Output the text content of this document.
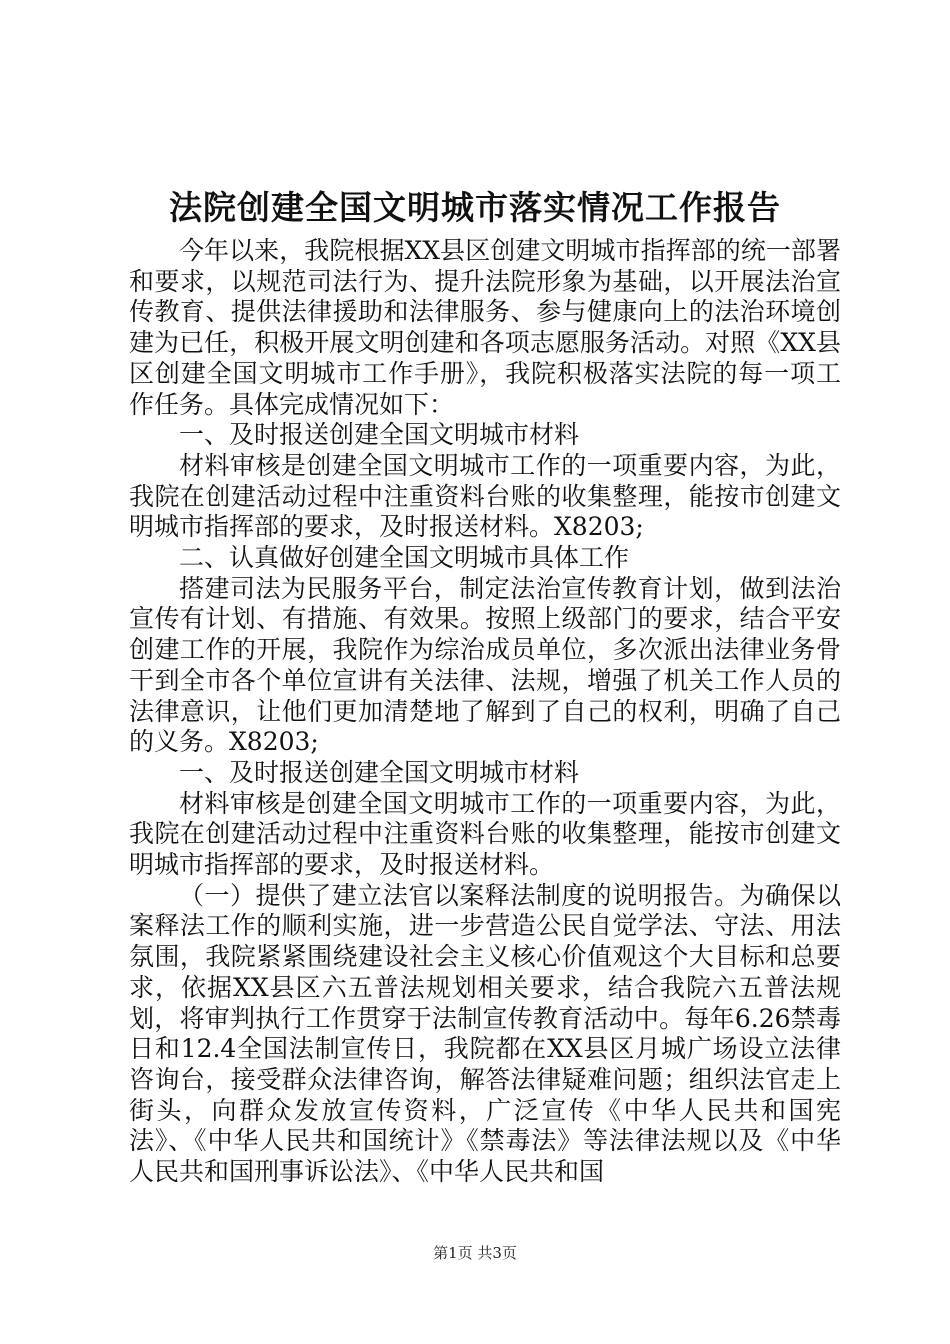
法院创建全国文明城市落实情况工作报告

今年以来，我院根据XX县区创建文明城市指挥部的统一部署和要求，以规范司法行为、提升法院形象为基础，以开展法治宣传教育、提供法律援助和法律服务、参与健康向上的法治环境创建为已任，积极开展文明创建和各项志愿服务活动。对照《XX县区创建全国文明城市工作手册》，我院积极落实法院的每一项工作任务。具体完成情况如下：

一、及时报送创建全国文明城市材料

材料审核是创建全国文明城市工作的一项重要内容，为此，我院在创建活动过程中注重资料台账的收集整理，能按市创建文明城市指挥部的要求，及时报送材料。X8203;

二、认真做好创建全国文明城市具体工作

搭建司法为民服务平台，制定法治宣传教育计划，做到法治宣传有计划、有措施、有效果。按照上级部门的要求，结合平安创建工作的开展，我院作为综治成员单位，多次派出法律业务骨干到全市各个单位宣讲有关法律、法规，增强了机关工作人员的法律意识，让他们更加清楚地了解到了自己的权利，明确了自己的义务。X8203;

一、及时报送创建全国文明城市材料

材料审核是创建全国文明城市工作的一项重要内容，为此，我院在创建活动过程中注重资料台账的收集整理，能按市创建文明城市指挥部的要求，及时报送材料。

（一）提供了建立法官以案释法制度的说明报告。为确保以案释法工作的顺利实施，进一步营造公民自觉学法、守法、用法氛围，我院紧紧围绕建设社会主义核心价值观这个大目标和总要求，依据XX县区六五普法规划相关要求，结合我院六五普法规划，将审判执行工作贯穿于法制宣传教育活动中。每年6.26禁毒日和12.4全国法制宣传日，我院都在XX县区月城广场设立法律咨询台，接受群众法律咨询，解答法律疑难问题；组织法官走上街头，向群众发放宣传资料，广泛宣传《中华人民共和国宪法》、《中华人民共和国统计》《禁毒法》等法律法规以及《中华人民共和国刑事诉讼法》、《中华人民共和国

第1页 共3页
